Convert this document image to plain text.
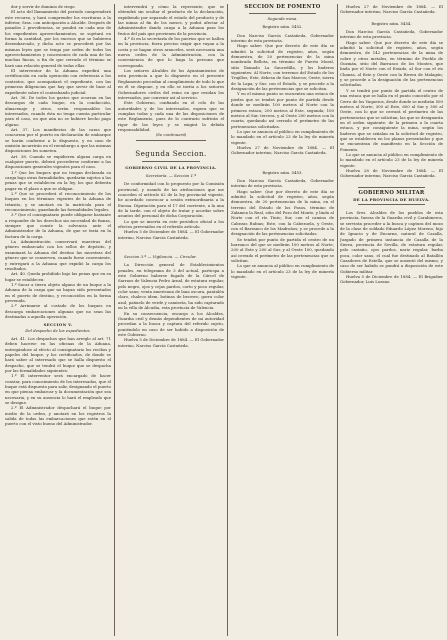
dor y servir de dominio de riego.

El acto del llamamiento del periodo comprenderá este recurso, y hará comprender los escrituras a la inferior, Sras. con anticipación a Alcalde. Después de pasados 2 providencias, se pondrá en cada uno de los expedientes aprovechamientos, se sujetará en forma la cantidad, por los excesos que se hubieren desembarcado, y dicho acto se procederá por las mismas leyes que se tenga por orden de todos los aprovechamientos y concesiones de cada una de las muchas fincas, a fin de que cerrado el término se hará una relación general de todas ellas.

El interventor de la Aduana expedirá una certificación en cada operación con referencia a los contratos, que acompañará el expediente, con las primeras diligencias que hay que servir de base al expediente sobre el contrabando judicial.

Art. 36. De todos los gastos que ocurran en las descargas de cada buque, en la conducción, almacenaje y otros, serán responsables los interesados, cuando ésta no tenga cuenta particular para el caso, en que aún no se hubiere hecho pago alguno.

Art. 37. Los manifiestos de las caras que concurran por el puerto en declaración de embarque se harán conforme a lo dispuesto, y en caso de omisión incurrirán en el reembargo a que las mismas disposiciones les someten.

Art. 38. Cuando se expidieren alguna carga en cualquier puerto, deberá procederse conforme a las disposiciones generales vigentes para el caso.

1.º Que los buques que no tengan declarada su carga bajo otras formalidades, quedarán sujetos a las penas que se establecen en la ley, los que deberán pagar en el plazo a que se obligan.

2.º Que se procederá el reconocimiento de los buques en los términos vigentes de la Aduana de tránsito, y se anotará en la matrícula para el reconocimiento, guardando las formalidades legales.

3.º Que el consignatario puede obligarse bastante a responder de los derechos sin necesidad de fianza, siempre que conste la solvencia ante el Administrador de la Aduana, de que se trata en la factura de la carga.

La Administración conservará muestras del género embarcado con los sellos de depósito, y examinará la Aduana del destino las muestras del género que se conserven, cuando fuese conveniente, y entregará a la Aduana que expidió la carga los resultados.

Art. 40. Queda prohibido bajo las penas que en su lugar se establecen:

1.º Sacar a tierra objeto alguno de un buque a la Aduana de la carga que no hayan sido presentados en el puerto de destino, y reconocidos en la forma prevenida.

2.º Arrimarse al costado de los buques en descarga embarcaciones algunas que no sean las destinadas a aquella operación.

SECCION V.

Del despacho de los expedientes.

Art. 41. Los despachos que han arreglo al art. 71 deben hacerse en las oficinas de la Aduana, entregándose al efecto al consignatario los recibos y papeles del buque, y los certificados, de donde se hará saber al interesado que se halla dispuesto el despacho, que se tendrá el buque que se despacha por las formalidades siguientes:

1.º El interventor será encargado de hacer constar, para conocimiento de los interesados, que el buque está dispuesto para salir, designando el puerto en que piensa embarcar y la documentación que sea necesaria, y en su ausencia lo hará el empleado que se designe.

2.º El Administrador despachará el buque por medio de la orden, y anotará en los registros la salida de todas las embarcaciones que estén en el puerto con el visto bueno del Administrador.

intervendrá y cómo la represente, que se obtendrá sin ocultar el producto de la declaración, expidiendo por separado el estado del producto y de las minas al fin de los meses, y podrá afectar al Administrador dando carga a la Aduana para los frutos del país que provienen de la provincia.

4.º Si en la secretaría de los puertos que se hallen en la provincia, fuera preciso exigir que vayan a la costa y se hagan otros aranceles, será necesaria una nueva orden de la Administración, con la conveniencia de que lo haga la persona que corresponda.

Los señores Alcaldes de los Ayuntamientos de esta provincia a que lo dispuesto en el presente Reglamento procedan al cumplimiento de todo lo que en él se dispone, y en ello se invita a los señores Gobernadores civiles del reino en que residan los interesados, por convenir así al servicio.

Este Gobierno, confiando en el celo de las autoridades y de los interesados, espera que se cumplan todas y cada una de las disposiciones de este Reglamento, pues de lo contrario sufrirán el rigor de las leyes y se exigirá la debida responsabilidad.

(Se continuará)

Segunda Seccion.

GOBIERNO CIVIL DE LA PROVINCIA.

Secretaría. — Seccion 1.ª

De conformidad con lo propuesto por la Comisión provincial, y usando de las atribuciones que me conceden el artículo 62 de la ley provincial vigente, he acordado convocar a sesión extraordinaria a la Excma. Diputación para el 17 del corriente, a la una de la tarde, con el objeto de tratar y acordar sobre asuntos del personal de dicha Corporación.

Lo que se inserta en este periódico oficial a los efectos prevenidos en el referido artículo.

Huelva 5 de Diciembre de 1884. — El Gobernador interino, Narciso García Castañeda.

Seccion 3.ª — Vigilancia. — Circular.

La Dirección general de Establecimientos penales, en telegrama de 3 del actual, participa a este Gobierno haberse fugado de la Cárcel de Sarraos de Valencia Pedro Arnal, de estatura regular, pelo negro, ojos y cejas pardos, corto y poco regular, color sano; venta americana de lana oscura, pantalón claro, chaleco idem, botinas de becerro, gorra color azul, pañuelo de verde y camiseta, ha sido capturado en la villa de Alcudia, esta provincia de Valencia.

En su consecuencia, encargo a los Alcaldes, Guardia civil y demás dependientes de mi autoridad procedan a la busca y captura del referido sujeto, poniéndolo en caso de ser habido a disposición de este Gobierno.

Huelva 5 de Diciembre de 1884. — El Gobernador interino, Narciso García Castañeda.

SECCION DE FOMENTO

Segunda mesa.

Registro núm. 5452.

Don Narciso García Castañeda, Gobernador interino de esta provincia.

Hago saber: Que por decreto de este día se admitió la solicitud de registro, años, según demuestra, de 20 pertenencias de la mina nombrada Bellota, en término de Puerto Moral, sitio llamado La Saucedilla, y los linderos siguientes: Al Norte, con terrenos del Estado de los Trujillos; Este, dehesa de San Marcos; Oeste, sierra de la Lapa; y Sur, con el Estado, y se procede a la designación de las pertenencias que se solicitan.

Y en el mismo punto se encuentra una estaca de piedra que se tendrá por punto de partida desde donde se medirán 100 metros al Norte con la primera estaca; 200 metros al Este, segunda; 100 metros al Sur, tercera, y al Oeste 200 metros con la cuarta, quedando así cerrado el perímetro de las pertenencias solicitadas.

Lo que se anuncia al público en cumplimiento de lo mandado en el artículo 23 de la ley de minería vigente.

Huelva 27 de Noviembre de 1884. — El Gobernador interino, Narciso García Castañeda.

Registro núm. 5453.

Don Narciso García Castañeda, Gobernador interino de esta provincia.

Hago saber: Que por decreto de este día se admitió la solicitud de registro, años, según demuestra, de 20 pertenencias de la mina, en el terreno del Estado de los Pasos, término de Zalamea la Real, sitio del Pozo del Monte, y linda al Norte con el río Tinto; Sur, con el camino de Cabezas Rubias; Este, con la Cabezuela, y Oeste, con el Barranco de los Madroños; y se procede a la designación de las pertenencias solicitadas.

Se tendrá por punto de partida el centro de un barranco del que se medirán 100 metros al Norte; 200 al Este y 200 al Sur, y al Oeste 100, quedando así cerrado el perímetro de las pertenencias que se solicitan.

Lo que se anuncia al público en cumplimiento de lo mandado en el artículo 23 de la ley de minería vigente.

Huelva 27 de Noviembre de 1884. — El Gobernador interino, Narciso García Castañeda.

Registro núm. 5454.

Don Narciso García Castañeda, Gobernador interino de esta provincia.

Hago saber: Que por decreto de este día se admitió la solicitud de registro, años, según demuestra, de 142 pertenencias de la mina de cobre y otros metales, en término de Puebla de Guzmán, sitio del Barranco de los Montes, que linda por el Norte con el Estado, al Sur con el río Chanza, al Este y Oeste con la Rivera de Malagón; y se procede a la designación de las pertenencias solicitadas.

Y se tendrá por punto de partida el centro de una estaca que se halla en el punto conocido por el Cerro de los Vaqueros, desde donde se medirán 500 metros al Norte, 300 al Este, 600 al Sur y 300 al Oeste, con lo que se cerrará el perímetro de las pertenencias que se solicitan, las que se designarán en el orden siguiente: de la primera a la cuarta estaca, y por consiguiente la mina, según los linderos que se señalan en la solicitud de registro, que se establecen en los planos presentados y que se encuentran de manifiesto en la Sección de Fomento.

Lo que se anuncia al público en cumplimiento de lo mandado en el artículo 23 de la ley de minería vigente.

Huelva 28 de Noviembre de 1884. — El Gobernador interino, Narciso García Castañeda.

GOBIERNO MILITAR

DE LA PROVINCIA DE HUELVA.

Los Sres. Alcaldes de los pueblos de esta provincia, fuerza de la Guardia civil y Carabineros, se servirán proceder a la busca y captura del mozo de la clase de soldado Eduardo López Moreno, hijo de Ignacio y de Encarna, natural de Cazalla, Juzgado de primera instancia de Cazalla de la Sierra, provincia de Sevilla, de estatura regular, pelo castaño, ojos pardos, nariz regular, barba poca, color sano, el cual fue destinado al Batallón Cazadores de Estella, que se ausentó del mismo, y caso de ser habido se pondrá a disposición de este Gobierno militar.

Huelva 5 de Diciembre de 1884. — El Brigadier Gobernador, Luis Lozano.
